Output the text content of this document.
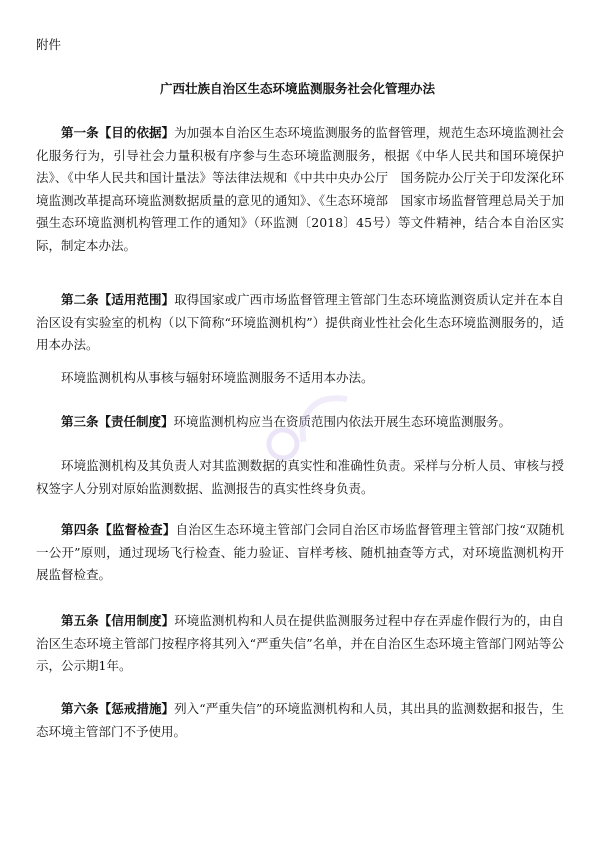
附件
广西壮族自治区生态环境监测服务社会化管理办法
第一条【目的依据】为加强本自治区生态环境监测服务的监督管理，规范生态环境监测社会化服务行为，引导社会力量积极有序参与生态环境监测服务，根据《中华人民共和国环境保护法》、《中华人民共和国计量法》等法律法规和《中共中央办公厅　国务院办公厅关于印发深化环境监测改革提高环境监测数据质量的意见的通知》、《生态环境部　国家市场监督管理总局关于加强生态环境监测机构管理工作的通知》（环监测〔2018〕45号）等文件精神，结合本自治区实际，制定本办法。
第二条【适用范围】取得国家或广西市场监督管理主管部门生态环境监测资质认定并在本自治区设有实验室的机构（以下简称“环境监测机构”）提供商业性社会化生态环境监测服务的，适用本办法。
环境监测机构从事核与辐射环境监测服务不适用本办法。
第三条【责任制度】环境监测机构应当在资质范围内依法开展生态环境监测服务。
环境监测机构及其负责人对其监测数据的真实性和准确性负责。采样与分析人员、审核与授权签字人分别对原始监测数据、监测报告的真实性终身负责。
第四条【监督检查】自治区生态环境主管部门会同自治区市场监督管理主管部门按“双随机一公开”原则，通过现场飞行检查、能力验证、盲样考核、随机抽查等方式，对环境监测机构开展监督检查。
第五条【信用制度】环境监测机构和人员在提供监测服务过程中存在弄虚作假行为的，由自治区生态环境主管部门按程序将其列入“严重失信”名单，并在自治区生态环境主管部门网站等公示，公示期1年。
第六条【惩戒措施】列入“严重失信”的环境监测机构和人员，其出具的监测数据和报告，生态环境主管部门不予使用。
